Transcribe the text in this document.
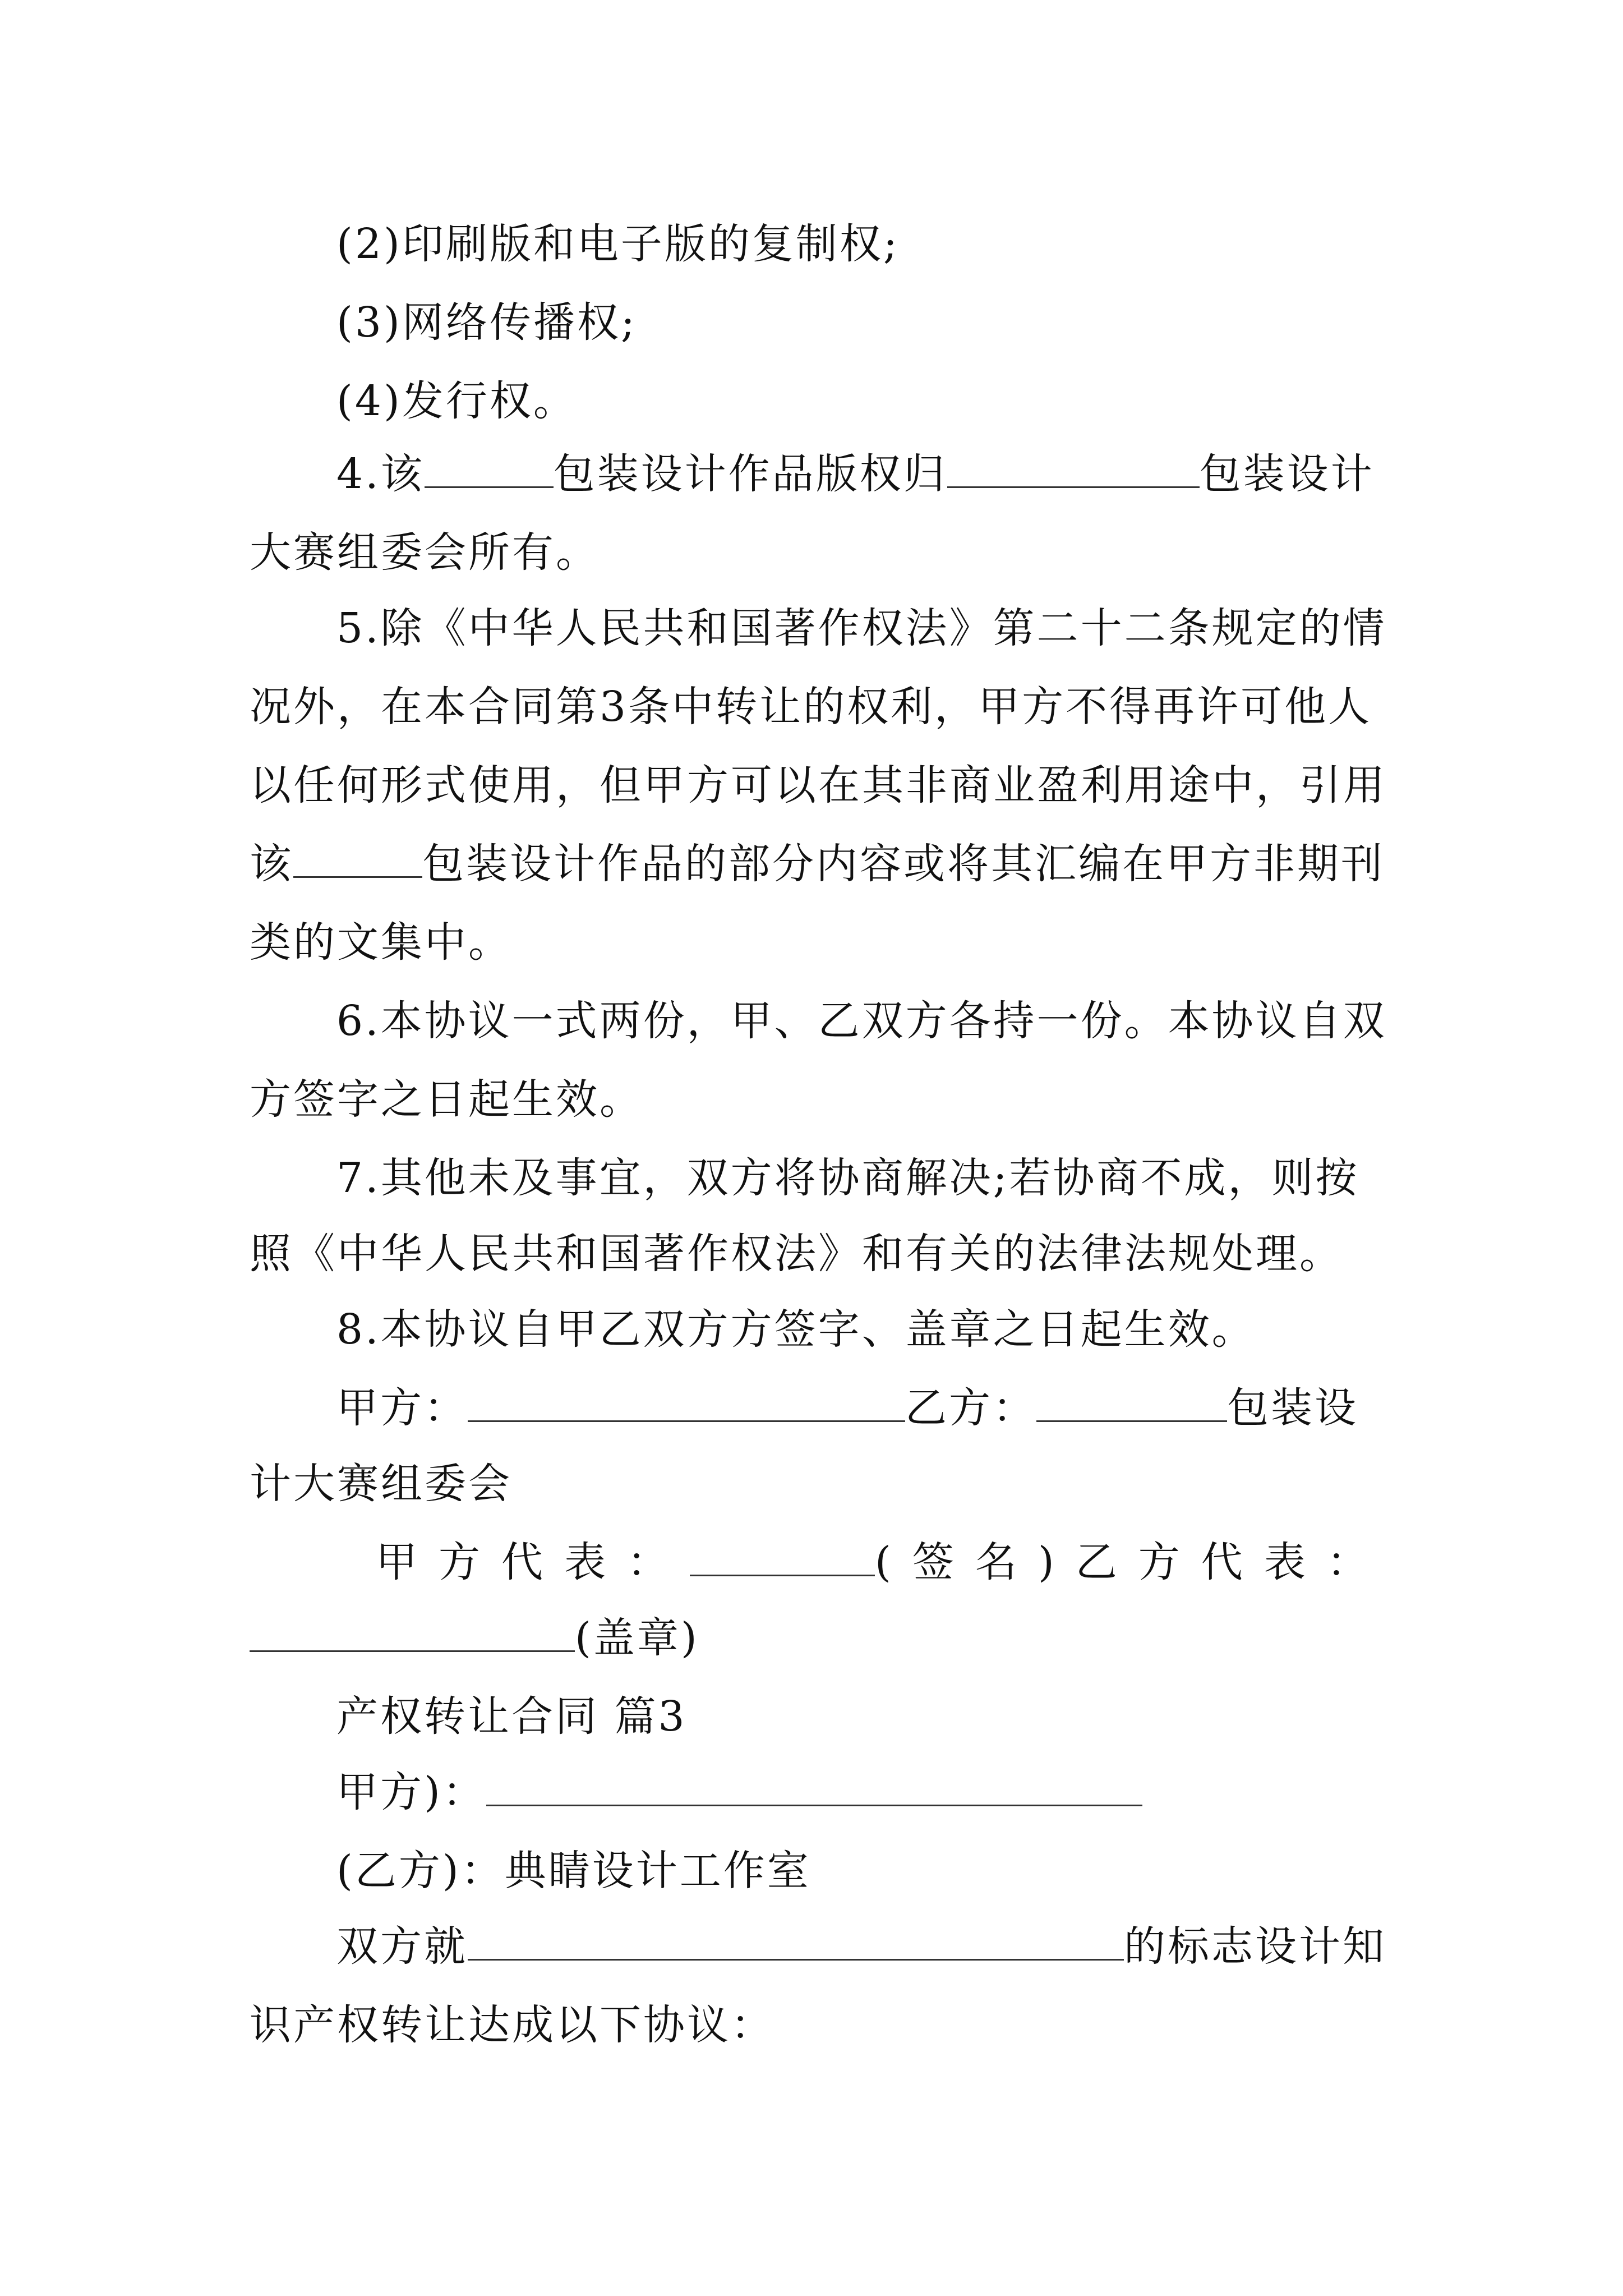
(2)印刷版和电子版的复制权;
(3)网络传播权;
(4)发行权。
4.该	包装设计作品版权归	包装设计
大赛组委会所有。
5.除《中华人民共和国著作权法》第二十二条规定的情
况外，在本合同第3条中转让的权利，甲方不得再许可他人
以任何形式使用，但甲方可以在其非商业盈利用途中，引用
该	包装设计作品的部分内容或将其汇编在甲方非期刊
类的文集中。
6.本协议一式两份，甲、乙双方各持一份。本协议自双
方签字之日起生效。
7.其他未及事宜，双方将协商解决;若协商不成，则按
照《中华人民共和国著作权法》和有关的法律法规处理。
8.本协议自甲乙双方方签字、盖章之日起生效。
甲方：	乙方：	包装设
计大赛组委会
甲方代表：	(签名)乙方代表：
(盖章)
产权转让合同 篇3
甲方)：
(乙方)：典睛设计工作室
双方就	的标志设计知
识产权转让达成以下协议：
